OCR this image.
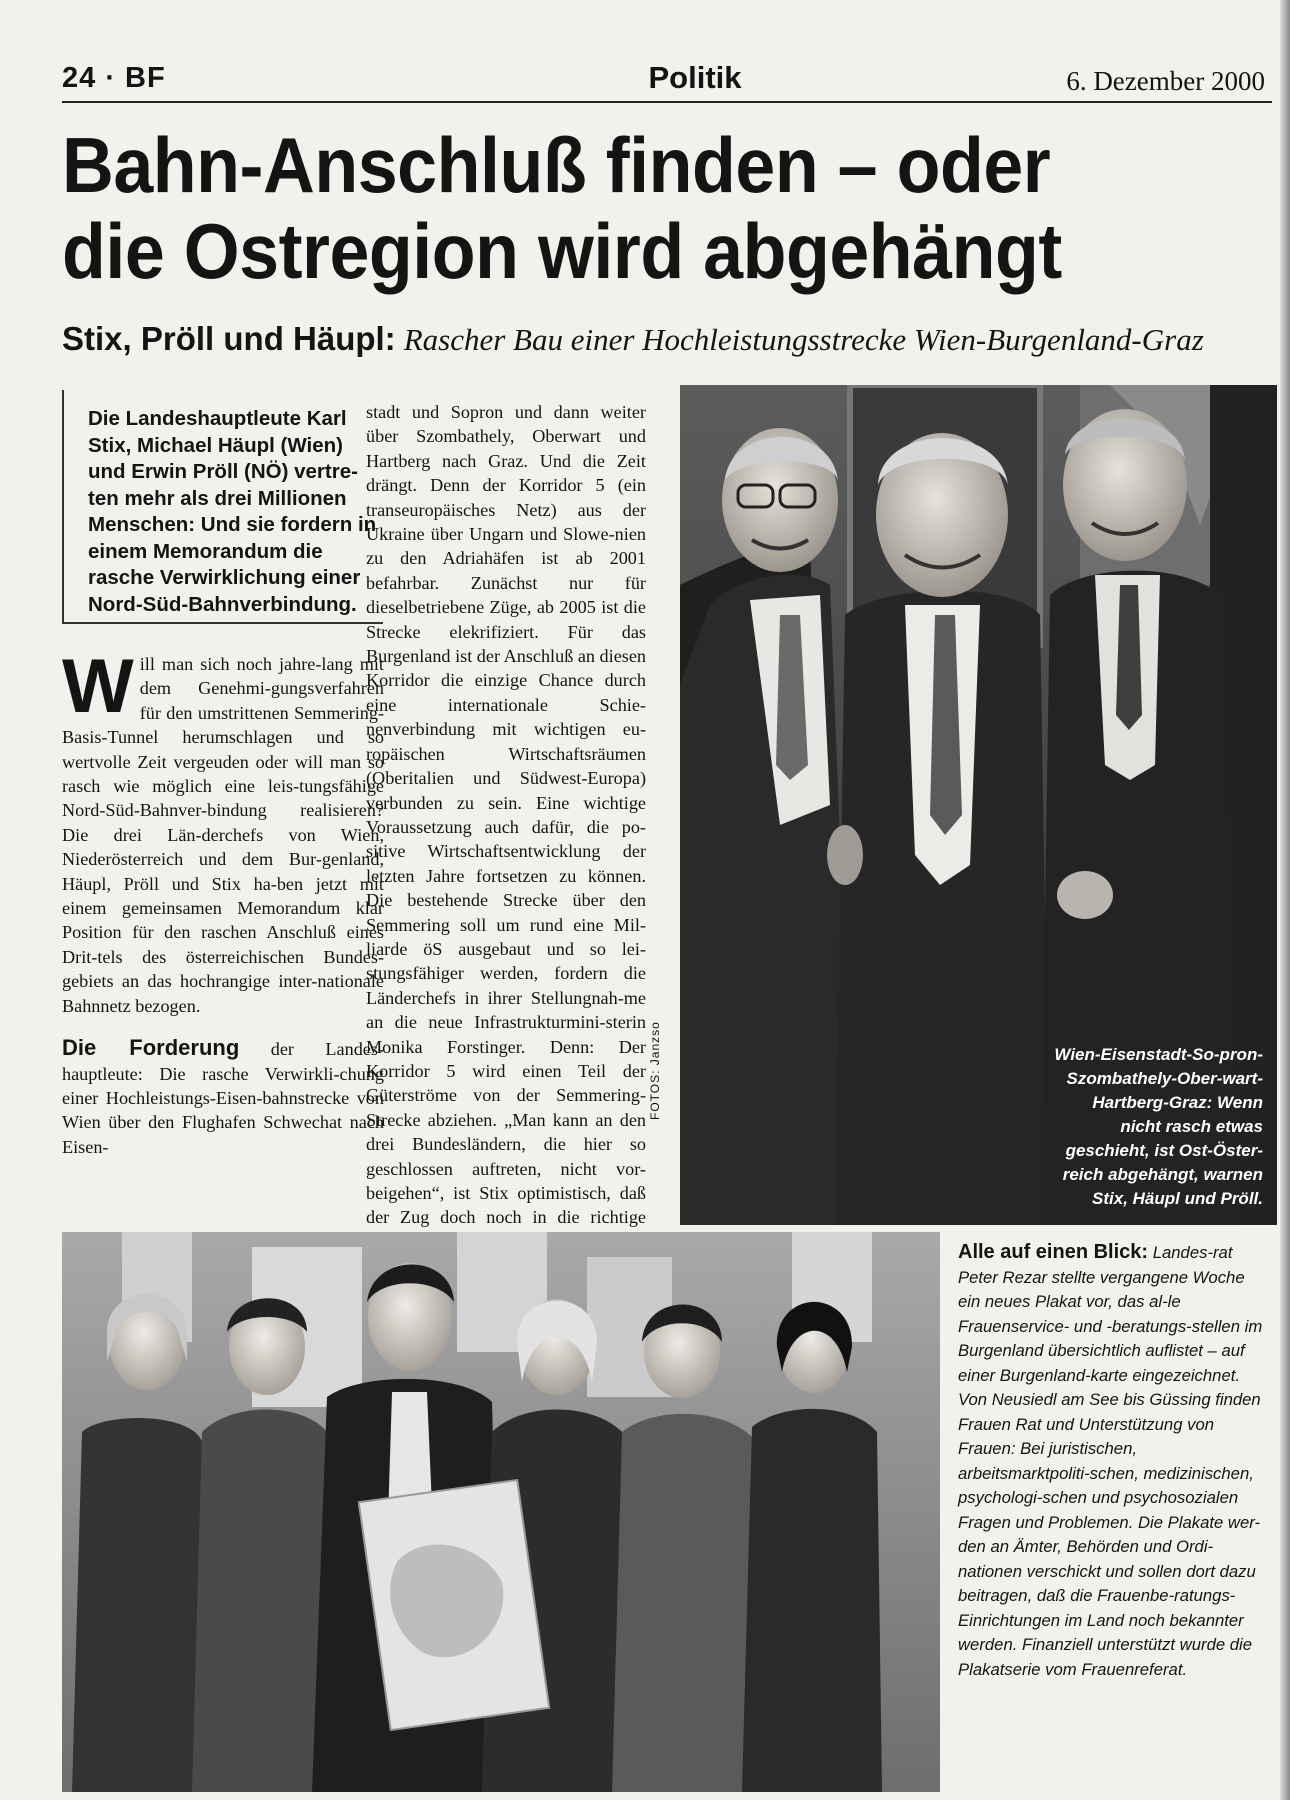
24 · BF	Politik	6. Dezember 2000
Bahn-Anschluß finden – oder
die Ostregion wird abgehängt
Stix, Pröll und Häupl: Rascher Bau einer Hochleistungsstrecke Wien-Burgenland-Graz
Die Landeshauptleute Karl Stix, Michael Häupl (Wien) und Erwin Pröll (NÖ) vertre-ten mehr als drei Millionen Menschen: Und sie fordern in einem Memorandum die rasche Verwirklichung einer Nord-Süd-Bahnverbindung.
Will man sich noch jahre-lang mit dem Genehmi-gungsverfahren für den umstrittenen Semmering-Basis-Tunnel herumschlagen und so wertvolle Zeit vergeuden oder will man so rasch wie möglich eine leis-tungsfähige Nord-Süd-Bahnver-bindung realisieren? Die drei Län-derchefs von Wien, Niederösterreich und dem Bur-genland, Häupl, Pröll und Stix ha-ben jetzt mit einem gemeinsamen Memorandum klar Position für den raschen Anschluß eines Drit-tels des österreichischen Bundes-gebiets an das hochrangige inter-nationale Bahnnetz bezogen.
Die Forderung der Landes-hauptleute: Die rasche Verwirkli-chung einer Hochleistungs-Eisen-bahnstrecke von Wien über den Flughafen Schwechat nach Eisen-
stadt und Sopron und dann weiter über Szombathely, Oberwart und Hartberg nach Graz. Und die Zeit drängt. Denn der Korridor 5 (ein transeuropäisches Netz) aus der Ukraine über Ungarn und Slowe-nien zu den Adriahäfen ist ab 2001 befahrbar. Zunächst nur für dieselbetriebene Züge, ab 2005 ist die Strecke elekrifiziert. Für das Burgenland ist der Anschluß an diesen Korridor die einzige Chance durch eine internationale Schie-nenverbindung mit wichtigen eu-ropäischen Wirtschaftsräumen (Oberitalien und Südwest-Europa) verbunden zu sein. Eine wichtige Voraussetzung auch dafür, die po-sitive Wirtschaftsentwicklung der letzten Jahre fortsetzen zu können. Die bestehende Strecke über den Semmering soll um rund eine Mil-liarde öS ausgebaut und so lei-stungsfähiger werden, fordern die Länderchefs in ihrer Stellungnah-me an die neue Infrastrukturmini-sterin Monika Forstinger. Denn: Der Korridor 5 wird einen Teil der Güterströme von der Semmering-Strecke abziehen. „Man kann an den drei Bundesländern, die hier so geschlossen auftreten, nicht vor-beigehen“, ist Stix optimistisch, daß der Zug doch noch in die richtige
FOTOS: Janzso	Wien-Eisenstadt-So-pron-Szombathely-Ober-wart-Hartberg-Graz: Wenn nicht rasch etwas geschieht, ist Ost-Öster-reich abgehängt, warnen Stix, Häupl und Pröll.
Alle auf einen Blick: Landes-rat Peter Rezar stellte vergangene Woche ein neues Plakat vor, das al-le Frauenservice- und -beratungs-stellen im Burgenland übersichtlich auflistet – auf einer Burgenland-karte eingezeichnet. Von Neusiedl am See bis Güssing finden Frauen Rat und Unterstützung von Frauen: Bei juristischen, arbeitsmarktpoliti-schen, medizinischen, psychologi-schen und psychosozialen Fragen und Problemen. Die Plakate wer-den an Ämter, Behörden und Ordi-nationen verschickt und sollen dort dazu beitragen, daß die Frauenbe-ratungs-Einrichtungen im Land noch bekannter werden. Finanziell unterstützt wurde die Plakatserie vom Frauenreferat.
